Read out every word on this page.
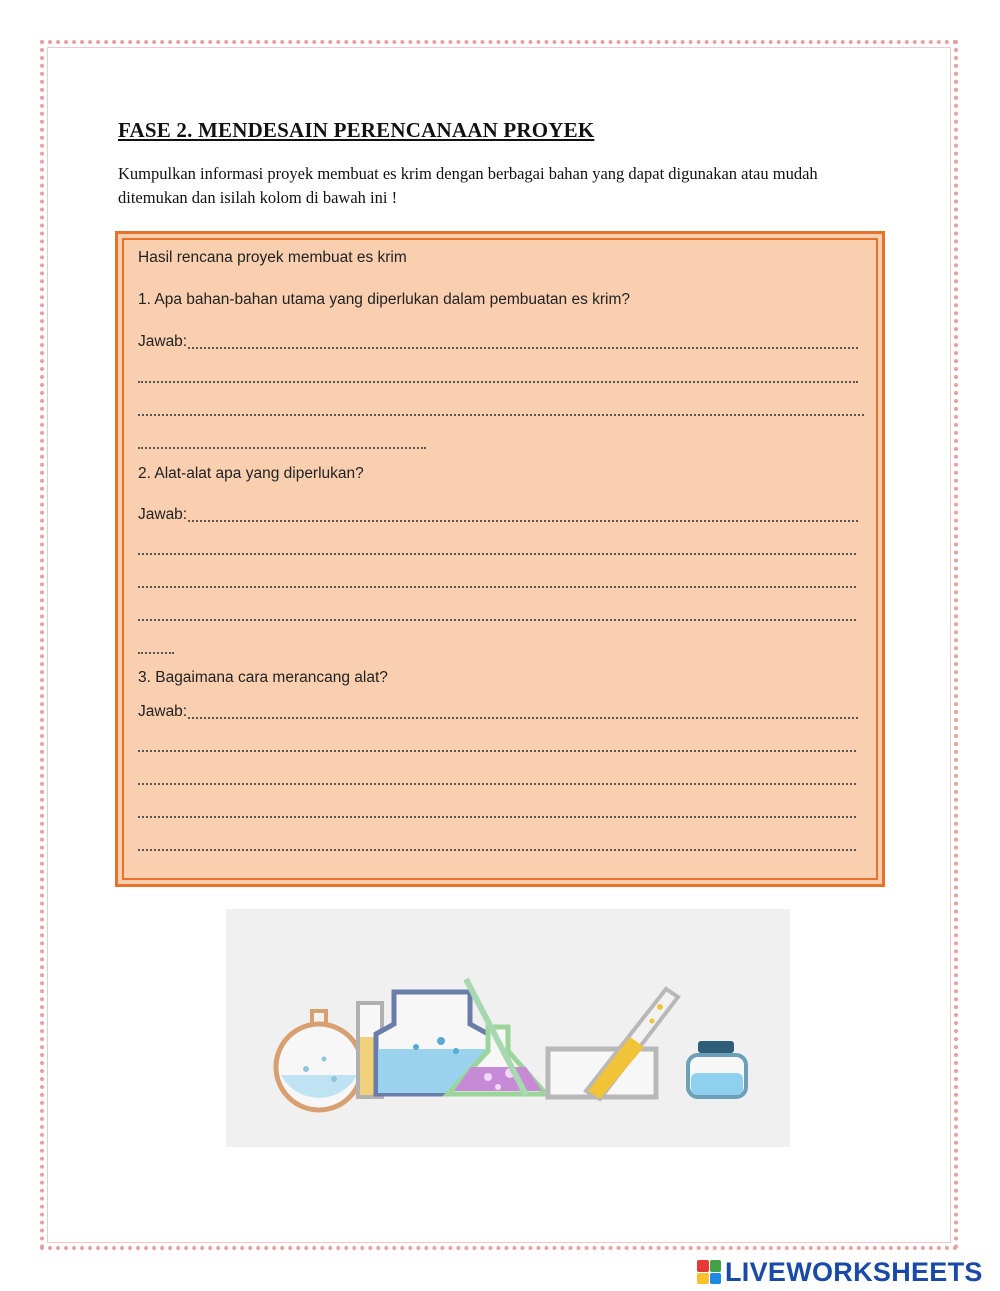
FASE 2. MENDESAIN PERENCANAAN PROYEK
Kumpulkan informasi proyek membuat es krim dengan berbagai bahan yang dapat digunakan atau mudah ditemukan dan isilah kolom di bawah ini !
Hasil rencana proyek membuat es krim
1. Apa bahan-bahan utama yang diperlukan dalam pembuatan es krim?
Jawab:
2. Alat-alat apa yang diperlukan?
Jawab:
3. Bagaimana cara merancang alat?
Jawab:
LIVEWORKSHEETS
